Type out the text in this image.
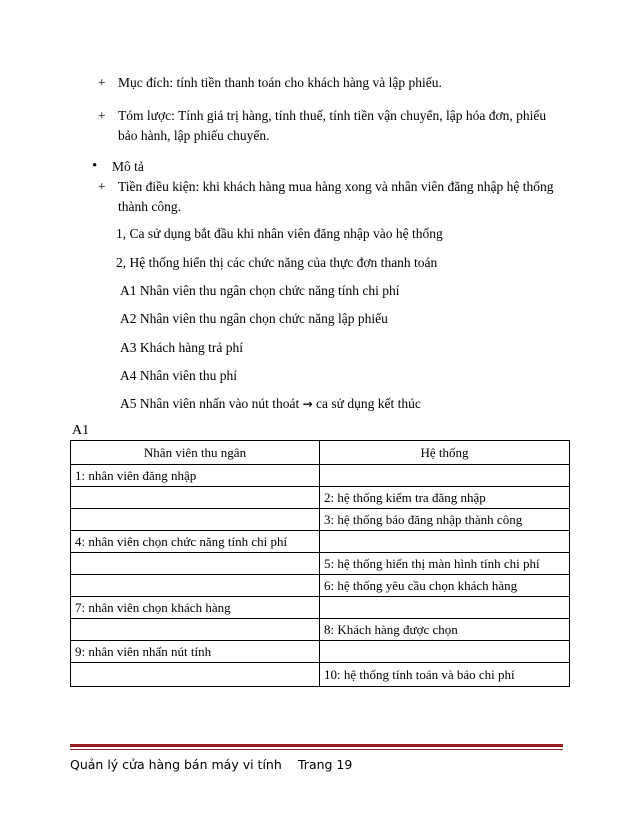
+ Mục đích: tính tiền thanh toán cho khách hàng và lập phiếu.
+ Tóm lược: Tính giá trị hàng, tính thuế, tính tiền vận chuyển, lập hóa đơn, phiếu
bảo hành, lập phiếu chuyển.
• Mô tả
+ Tiền điều kiện: khi khách hàng mua hàng xong và nhân viên đăng nhập hệ thống
thành công.
1, Ca sử dụng bắt đầu khi nhân viên đăng nhập vào hệ thống
2, Hệ thống hiển thị các chức năng của thực đơn thanh toán
A1 Nhân viên thu ngân chọn chức năng tính chi phí
A2 Nhân viên thu ngân chọn chức năng lập phiếu
A3 Khách hàng trả phí
A4 Nhân viên thu phí
A5 Nhân viên nhấn vào nút thoát → ca sử dụng kết thúc
A1
Nhân viên thu ngân	Hệ thống
1: nhân viên đăng nhập	
	2: hệ thống kiểm tra đăng nhập
	3: hệ thống báo đăng nhập thành công
4: nhân viên chọn chức năng tính chi phí	
	5: hệ thống hiển thị màn hình tính chi phí
	6: hệ thống yêu cầu chọn khách hàng
7: nhân viên chọn khách hàng	
	8: Khách hàng được chọn
9: nhân viên nhấn nút tính	
	10: hệ thống tính toán và báo chi phí
Quản lý cửa hàng bán máy vi tính Trang 19
